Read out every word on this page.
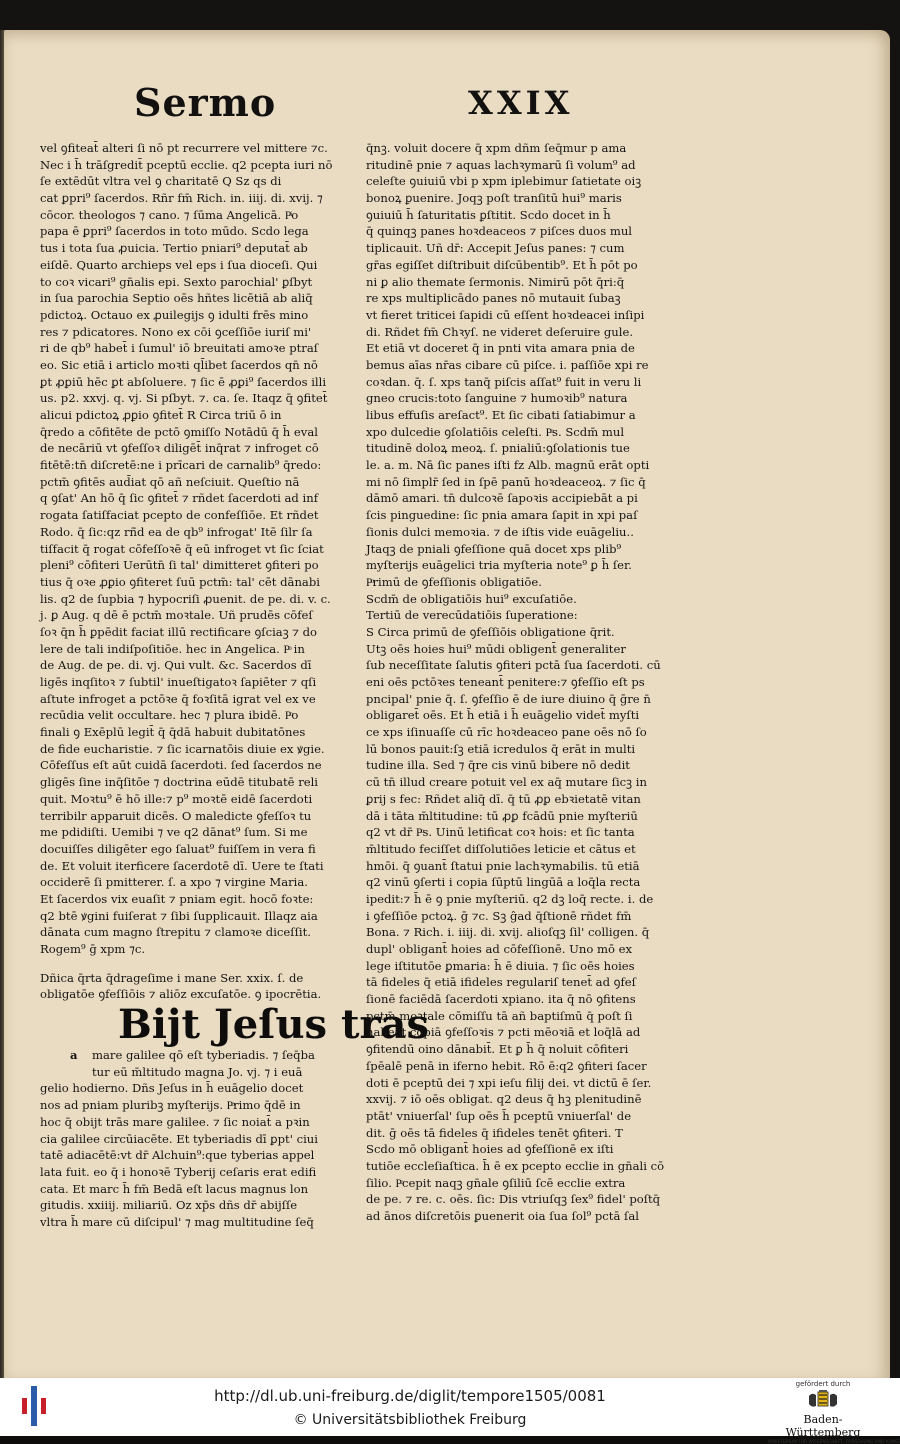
Sermo	XXIX
vel ꝯfiteat̄ alteri ſi nō pt recurrere vel mittere ⁊c.
Nec i h̄ trāſgredit̄ pceptū ecclie. q2 pcepta iuri nō
ſe extēdūt vltra vel ꝯ charitatē Q Sz qs di
cat ꝑpri⁹ ſacerdos. Rñr fm̄ Rich. in. iiij. di. xvij. ⁊
cōcor. theologos ⁊ cano. ⁊ ſūma Angelicā. Pͥo
papa ē ꝑpri⁹ ſacerdos in toto mūdo. Scdo lega
tus i tota ſua ꝓuicia. Tertio pniari⁹ deputat̄ ab
eiſdē. Quarto archieps vel eps i ſua dioceſi. Qui
to coꝛ vicari⁹ gn̄alis epi. Sexto parochial' ꝑſbyt
in ſua parochia Septio oēs hñtes licētiā ab aliq̄
pdictoꝝ. Octauo ex ꝓuilegijs ꝯ idulti frēs mino
res ⁊ pdicatores. Nono ex cōi ꝯceſſiōe iuriſ mi'
ri de qb⁹ habet̄ i ſumul' iō breuitati amoꝛe ptraſ
eo. Sic etiā i articlo moꝛti ql̄ibet ſacerdos qn̄ nō
ꝑt ꝓꝑiū hēc ꝑt abſoluere. ⁊ ſic ē ꝓꝑi⁹ ſacerdos illi
us. p2. xxvj. q. vj. Si pſbyt. ⁊. ca. ſe. Itaqz q̄ ꝯfitet̄
alicui pdictoꝝ ꝓꝑio ꝯfitet̄ R Circa triū ō in
q̄redo a cōfitēte de pctō ꝯmiſſo Notādū q̄ h̄ eval
de necāriū vt ꝯfeſſoꝛ diligēt̄ inq̄rat ⁊ infroget cō
fitētē:tn̄ diſcretē:ne i prīcari de carnalib⁹ q̄redo:
pctm̄ ꝯfitēs aud̄iat qō añ neſciuit. Queſtio nā
q ꝯſat' An hō q̄ ſic ꝯfitet̄ ⁊ rñdet ſacerdoti ad inf
rogata ſatiſfaciat pcepto de confeſſiōe. Et rñdet
Rodo. q̄ ſic:qz rñ̄d ea de qb⁹ infrogat' Itē ſilr ſa
tiſfacit q̄ rogat cōfeſſoꝛē q̄ eū infroget vt ſic ſciat
pleni⁹ cōfiteri Uerūtn̄ ſi tal' dimitteret ꝯfiteri po
tius q̄ oꝛe ꝓꝑio ꝯfiteret ſuū pctm̄: tal' cēt dānabi
lis. q2 de ſupbia ⁊ hypocriſi ꝓuenit. de pe. di. v. c.
j. ꝑ Aug. q dē ē pctm̄ moꝛtale. Uñ prudēs cōfeſ
ſoꝛ q̄n h̄ ꝑpēdit faciat illū rectificare ꝯſciaꝫ ⁊ do
lere de tali indiſpoſitiōe. hec in Angelica. Pͦ in
de Aug. de pe. di. vj. Qui vult. &c. Sacerdos dī
ligēs inqſitoꝛ ⁊ ſubtil' inueſtigatoꝛ ſapiēter ⁊ qſi
aſtute infroget a pctōꝛe q̄ foꝛſitā igrat vel ex ve
recūdia velit occultare. hec ⁊ plura ibidē. Pͦo
finali ꝯ Exēplū legit̄ q̄ q̄dā habuit dubitatōnes
de fide eucharistie. ⁊ ſic icarnatōis diuie ex ꝟgie.
Cōfeſſus eſt aūt cuidā ſacerdoti. ſed ſacerdos ne
gligēs ſine inq̄ſitōe ⁊ doctrina eūdē titubatē reli
quit. Moꝛtu⁹ ē hō ille:⁊ p⁹ moꝛtē eidē ſacerdoti
terribilr apparuit dicēs. O maledicte ꝯfeſſoꝛ tu
me pdidiſti. Uemibi ⁊ ve q2 dānat⁹ ſum. Si me
docuiſſes diligēter ego ſaluat⁹ fuiſſem in vera fi
de. Et voluit iterficere ſacerdotē dī. Uere te ſtati
occiderē ſi pmitterer. ſ. a xpo ⁊ virgine Maria.
Et ſacerdos vix euaſit ⁊ pniam egit. hocō foꝛte:
q2 btē ꝟgini fuiſerat ⁊ ſibi ſupplicauit. Illaqz aia
dānata cum magno ſtrepitu ⁊ clamoꝛe diceſſit.
Rogem⁹ ḡ xpm ⁊c.
Dñica q̄rta q̄drageſime i mane Ser. xxix. ſ. de
obligatōe ꝯfeſſiōis ⁊ aliōz excuſatōe. ꝯ ipocrētia.
Bijt Jeſus tras
a mare galilee qō eſt tyberiadis. ⁊ ſeq̄ba
tur eū m̄ltitudo magna Jo. vj. ⁊ i euā
gelio hodierno. Dñs Jeſus in h̄ euāgelio docet
nos ad pniam pluribꝫ myſterijs. Pͦrimo q̄dē in
hoc q̄ obijt trās mare galilee. ⁊ ſic noiat̄ a pꝛin
cia galilee circūiacēte. Et tyberiadis dī ꝑpt' ciui
tatē adiacētē:vt dr̄ Alchuin⁹:que tyberias appel
lata fuit. eo q̄ i honoꝛē Tyberij ceſaris erat edifi
cata. Et marc h̄ fm̄ Bedā eſt lacus magnus lon
gitudis. xxiiij. miliariū. Oz xp̄s dñs dr̄ abijſſe
vltra h̄ mare cū diſcipul' ⁊ mag multitudine ſeq̄
q̄nꝫ. voluit docere q̄ xpm dñm ſeq̄mur p amа
ritudinē pnie ⁊ aquas lachꝛymarū ſi volum⁹ ad
celeſte ꝯuiuiū vbi p xpm iplebimur ſatietate oiꝫ
bonoꝝ ꝑuenire. Joqꝫ poſt tranſitū hui⁹ maris
ꝯuiuiū h̄ ſaturitatis ꝑſtitit. Scdo docet in h̄
q̄ quinqꝫ panes hoꝛdeaceos ⁊ piſces duos mul
tiplicauit. Uñ dr̄: Accepit Jeſus panes: ⁊ cum
gr̄as egiſſet diſtribuit diſcūbentib⁹. Et h̄ pōt po
ni ꝑ alio themate ſermonis. Nimirū pōt q̄ri:q̄
re xps multiplicādo panes nō mutauit ſubaꝫ
vt fieret triticei ſapidi cū eſſent hoꝛdeacei inſipi
di. Rñdet fm̄ Chꝛyſ. ne videret deſeruire gule.
Et etiā vt doceret q̄ in pnti vita amara pnia de
bemus aīas nr̄as cibare cū piſce. i. paſſiōe xpi re
coꝛdan. q̄. ſ. xps tanq̄ piſcis aſſat⁹ fuit in veru li
gneo crucis:toto ſanguine ⁊ humoꝛib⁹ natura
libus effuſis areſact⁹. Et ſic cibati ſatiabimur a
xpo dulcedie ꝯſolatiōis celeſti. Pͦs. Scdm̄ mul
titudinē doloꝝ meoꝝ. ſ. pnialiū:ꝯſolationis tue
le. a. m. Nā ſic panes iſti fz Alb. magnū erāt opti
mi nō ſimplr̄ ſed in ſpē panū hoꝛdeaceoꝝ. ⁊ ſic q̄
dāmō amari. tn̄ dulcoꝛē ſapoꝛis accipiebāt a pi
ſcis pinguedine: ſic pnia amara ſapit in xpi paſ
ſionis dulci memoꝛia. ⁊ de iſtis vide euāgeliu..
Jtaqꝫ de pniali ꝯfeſſione quā docet xps plib⁹
myſterijs euāgelici tria myſteria note⁹ ꝑ h̄ ſer.
Pͦrimū de ꝯfeſſionis obligatiōe.
Scdm̄ de obligatiōis hui⁹ excuſatiōe.
Tertiū de verecūdatiōis ſuperatione:
S Circa primū de ꝯfeſſiōis obligatione q̄rit.
Utꝫ oēs hoies hui⁹ mūdi obligent̄ generaliter
ſub neceſſitate ſalutis ꝯfiteri pctā ſua ſacerdoti. cū
eni oēs pctōꝛes teneant̄ penitere:⁊ ꝯfeſſio eſt ps
pncipal' pnie q̄. ſ. ꝯfeſſio ē de iure diuino q̄ ḡre n̄
obligaret̄ oēs. Et h̄ etiā i h̄ euāgelio videt̄ myſti
ce xps iſinuaſſe cū rīc hoꝛdeaceo pane oēs nō ſo
lū bonos pauit:ſꝫ etiā icredulos q̄ erāt in multi
tudine illa. Sed ⁊ q̄re cis vinū bibere nō dedit
cū tn̄ illud creare potuit vel ex aq̄ mutare ſicꝫ in
ꝑrij s fec: Rñdet aliq̄ dī. q̄ tū ꝓꝑ ebꝛietatē vitan
dā i tāta m̄ltitudine: tū ꝓꝑ fcādū pnie myſteriū
q2 vt dr̄ Pͦs. Uinū letificat coꝛ hois: et ſic tanta
m̄ltitudo feciſſet diſſolutiōes leticie et cātus et
hmōi. q̄ ꝯuant̄ ſtatui pnie lachꝛymabilis. tū etiā
q2 vinū ꝯſerti i copia ſūptū lingūā a loq̄la recta
ipedit:⁊ h̄ ē ꝯ pnie myſteriū. q2 dꝫ loq̄ recte. i. de
i ꝯfeſſiōe pctoꝝ. ḡ ⁊c. Sꝫ ĝad q̄ſtionē rñdet fm̄
Bona. ⁊ Rich. i. iiij. di. xvij. alioſqꝫ ſil' colligen. q̄
dupl' obligant̄ hoies ad cōfeſſionē. Uno mō ex
lege iſtitutōe ꝑmaria: h̄ ē diuia. ⁊ ſic oēs hoies
tā fideles q̄ etiā ifideles regulariſ tenet̄ ad ꝯfeſ
ſionē faciēdā ſacerdoti xpiano. ita q̄ nō ꝯfitens
pctm̄ moꝛtale cōmiſſu tā añ baptiſmū q̄ poſt ſi
habeat copiā ꝯfeſſoꝛis ⁊ pcti mēoꝛiā et loq̄lā ad
ꝯfitendū oino dānabit̄. Et ꝑ h̄ q̄ noluit cōfiteri
ſpēalē penā in iferno hebit. Rō ē:q2 ꝯfiteri ſacer
doti ē pceptū dei ⁊ xpi ieſu filij dei. vt dictū ē ſer.
xxvij. ⁊ iō oēs obligat. q2 deus q̄ hꝫ plenitudinē
ptāt' vniuerſal' ſup oēs h̄ pceptū vniuerſal' de
dit. ḡ oēs tā fideles q̄ ifideles tenēt ꝯfiteri. T
Scdo mō obligant̄ hoies ad ꝯfeſſionē ex iſti
tutiōe eccleſiaſtica. h̄ ē ex pcepto ecclie in gn̄ali cō
ſilio. Pͦcepit naqꝫ gn̄ale ꝯſiliū ſcē ecclie extra
de pe. ⁊ re. c. oēs. ſic: Dis vtriuſqꝫ ſex⁹ fidel' poſtq̄
ad ānos diſcretōis ꝑuenerit oia ſua ſol⁹ pctā ſal
http://dl.ub.uni-freiburg.de/diglit/tempore1505/0081
© Universitätsbibliothek Freiburg
gefördert durch
Baden-Württemberg
MINISTERIUM FÜR WISSENSCHAFT, FORSCHUNG UND KUNST
